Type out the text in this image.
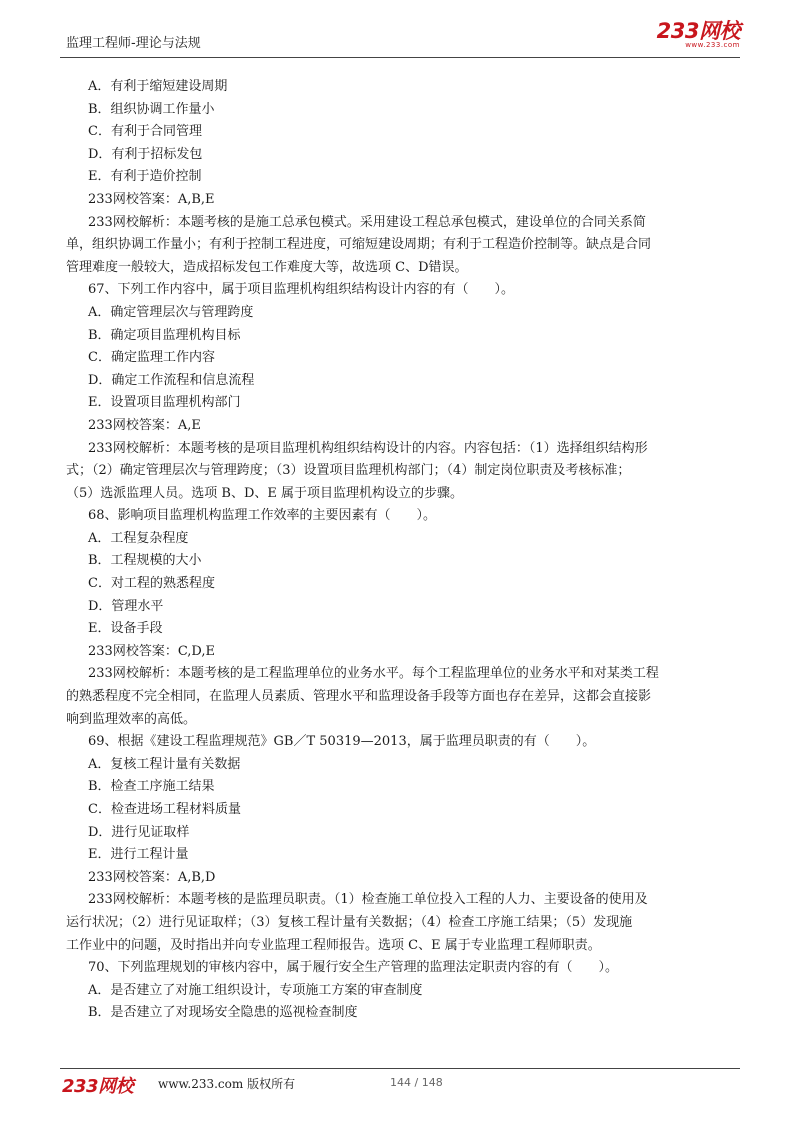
监理工程师-理论与法规
233网校
www.233.com
A．有利于缩短建设周期
B．组织协调工作量小
C．有利于合同管理
D．有利于招标发包
E．有利于造价控制
233网校答案：A,B,E
233网校解析：本题考核的是施工总承包模式。采用建设工程总承包模式，建设单位的合同关系简
单，组织协调工作量小；有利于控制工程进度，可缩短建设周期；有利于工程造价控制等。缺点是合同
管理难度一般较大，造成招标发包工作难度大等，故选项 C、D错误。
67、下列工作内容中，属于项目监理机构组织结构设计内容的有（　　）。
A．确定管理层次与管理跨度
B．确定项目监理机构目标
C．确定监理工作内容
D．确定工作流程和信息流程
E．设置项目监理机构部门
233网校答案：A,E
233网校解析：本题考核的是项目监理机构组织结构设计的内容。内容包括：（1）选择组织结构形
式；（2）确定管理层次与管理跨度；（3）设置项目监理机构部门；（4）制定岗位职责及考核标准；
（5）选派监理人员。选项 B、D、E 属于项目监理机构设立的步骤。
68、影响项目监理机构监理工作效率的主要因素有（　　）。
A．工程复杂程度
B．工程规模的大小
C．对工程的熟悉程度
D．管理水平
E．设备手段
233网校答案：C,D,E
233网校解析：本题考核的是工程监理单位的业务水平。每个工程监理单位的业务水平和对某类工程
的熟悉程度不完全相同，在监理人员素质、管理水平和监理设备手段等方面也存在差异，这都会直接影
响到监理效率的高低。
69、根据《建设工程监理规范》GB／T 50319—2013，属于监理员职责的有（　　）。
A．复核工程计量有关数据
B．检查工序施工结果
C．检查进场工程材料质量
D．进行见证取样
E．进行工程计量
233网校答案：A,B,D
233网校解析：本题考核的是监理员职责。（1）检查施工单位投入工程的人力、主要设备的使用及
运行状况；（2）进行见证取样；（3）复核工程计量有关数据；（4）检查工序施工结果；（5）发现施
工作业中的问题，及时指出并向专业监理工程师报告。选项 C、E 属于专业监理工程师职责。
70、下列监理规划的审核内容中，属于履行安全生产管理的监理法定职责内容的有（　　）。
A．是否建立了对施工组织设计，专项施工方案的审查制度
B．是否建立了对现场安全隐患的巡视检查制度
233网校 www.233.com 版权所有	144 / 148
